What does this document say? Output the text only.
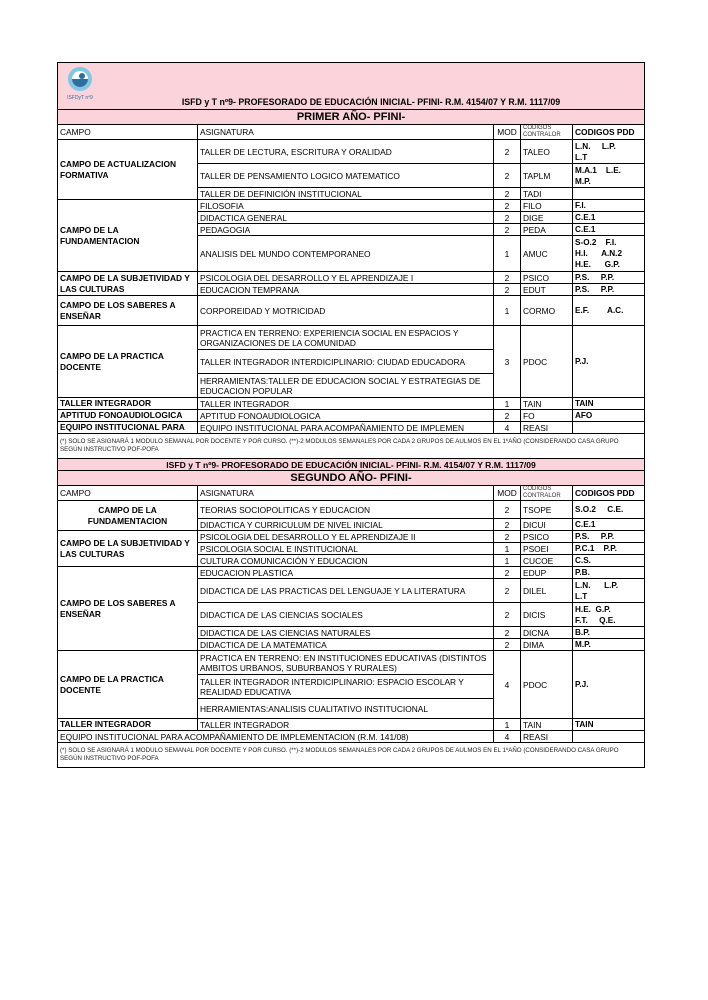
ISFDyT nº9 ISFD y T nº9- PROFESORADO DE EDUCACIÓN INICIAL- PFINI- R.M. 4154/07 Y R.M. 1117/09				

PRIMER AÑO- PFINI-				
CAMPO	ASIGNATURA	MOD	CODIGOS CONTRALOR	CODIGOS PDD
CAMPO DE ACTUALIZACION FORMATIVA	TALLER DE LECTURA, ESCRITURA Y ORALIDAD	2	TALEO	L.N.     L.P.
L.T
	TALLER DE PENSAMIENTO LOGICO MATEMATICO	2	TAPLM	M.A.1    L.E.
M.P.
	TALLER DE DEFINICIÓN INSTITUCIONAL	2	TADI	
CAMPO DE LA FUNDAMENTACION	FILOSOFIA	2	FILO	F.I.
	DIDACTICA GENERAL	2	DIGE	C.E.1
	PEDAGOGIA	2	PEDA	C.E.1
	ANALISIS DEL MUNDO CONTEMPORANEO	1	AMUC	S-O.2    F.I.
H.I.      A.N.2
H.E.      G.P.
CAMPO DE LA SUBJETIVIDAD Y LAS CULTURAS	PSICOLOGIA DEL DESARROLLO Y EL APRENDIZAJE I	2	PSICO	P.S.     P.P.
	EDUCACION TEMPRANA	2	EDUT	P.S.     P.P.
CAMPO DE LOS SABERES A ENSEÑAR	CORPOREIDAD Y MOTRICIDAD	1	CORMO	E.F.        A.C.
CAMPO DE LA PRACTICA DOCENTE	PRACTICA EN TERRENO: EXPERIENCIA SOCIAL EN ESPACIOS Y ORGANIZACIONES DE LA COMUNIDAD	3	PDOC	P.J.
	TALLER INTEGRADOR INTERDICIPLINARIO: CIUDAD EDUCADORA			
	HERRAMIENTAS:TALLER DE EDUCACION SOCIAL Y ESTRATEGIAS DE EDUCACION POPULAR			
TALLER INTEGRADOR	TALLER INTEGRADOR	1	TAIN	TAIN
APTITUD FONOAUDIOLOGICA	APTITUD FONOAUDIOLOGICA	2	FO	AFO
EQUIPO INSTITUCIONAL PARA	EQUIPO INSTITUCIONAL PARA ACOMPAÑAMIENTO DE IMPLEMEN	4	REASI	
(*) SOLO SE ASIGNARÁ 1 MODULO SEMANAL POR DOCENTE Y POR CURSO. (**)-2 MODULOS SEMANALES POR CADA 2 GRUPOS DE AULMOS EN EL 1ºAÑO (CONSIDERANDO CASA GRUPO SEGÚN INSTRUCTIVO POF-POFA				
ISFD y T nº9- PROFESORADO DE EDUCACIÓN INICIAL- PFINI- R.M. 4154/07 Y R.M. 1117/09				
SEGUNDO AÑO- PFINI-				
CAMPO	ASIGNATURA	MOD	CODIGOS CONTRALOR	CODIGOS PDD
CAMPO DE LA FUNDAMENTACION	TEORIAS SOCIOPOLITICAS Y EDUCACION	2	TSOPE	S.O.2     C.E.
	DIDACTICA Y CURRICULUM DE NIVEL INICIAL	2	DICUI	C.E.1
CAMPO DE LA SUBJETIVIDAD Y LAS CULTURAS	PSICOLOGIA DEL DESARROLLO Y EL APRENDIZAJE II	2	PSICO	P.S.     P.P.
	PSICOLOGIA SOCIAL E INSTITUCIONAL	1	PSOEI	P.C.1    P.P.
	CULTURA COMUNICACIÓN Y EDUCACION	1	CUCOE	C.S.
CAMPO DE LOS SABERES A ENSEÑAR	EDUCACION PLASTICA	2	EDUP	P.B.
	DIDACTICA DE LAS PRACTICAS DEL LENGUAJE Y LA LITERATURA	2	DILEL	L.N.      L.P.
L.T
	DIDACTICA DE LAS CIENCIAS SOCIALES	2	DICIS	H.E.  G.P.
F.T.     Q.E.
	DIDACTICA DE LAS CIENCIAS NATURALES	2	DICNA	B.P.
	DIDACTICA DE LA MATEMATICA	2	DIMA	M.P.
CAMPO DE LA PRACTICA DOCENTE	PRACTICA EN TERRENO: EN INSTITUCIONES EDUCATIVAS (DISTINTOS AMBITOS URBANOS, SUBURBANOS Y RURALES)	4	PDOC	P.J.
	TALLER INTEGRADOR INTERDICIPLINARIO: ESPACIO ESCOLAR Y REALIDAD EDUCATIVA			
	HERRAMIENTAS:ANALISIS CUALITATIVO INSTITUCIONAL			
TALLER INTEGRADOR	TALLER INTEGRADOR	1	TAIN	TAIN
EQUIPO INSTITUCIONAL PARA ACOMPAÑAMIENTO DE IMPLEMENTACION (R.M. 141/08)		4	REASI	
(*) SOLO SE ASIGNARÁ 1 MODULO SEMANAL POR DOCENTE Y POR CURSO. (**)-2 MODULOS SEMANALES POR CADA 2 GRUPOS DE AULMOS EN EL 1ºAÑO (CONSIDERANDO CASA GRUPO SEGÚN INSTRUCTIVO POF-POFA				
